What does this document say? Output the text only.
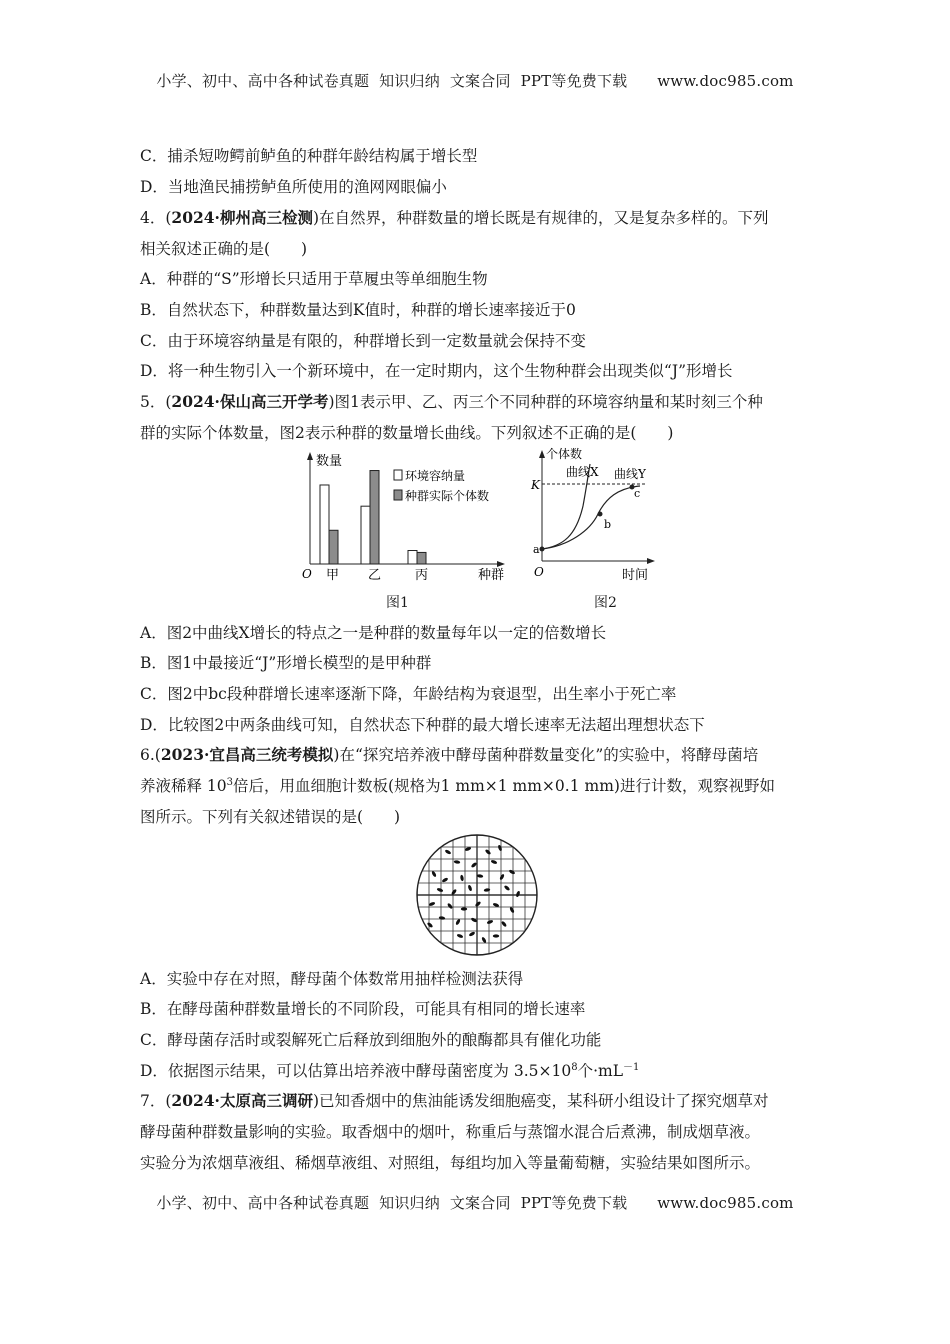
小学、初中、高中各种试卷真题  知识归纳  文案合同  PPT等免费下载 www.doc985.com
C．捕杀短吻鳄前鲈鱼的种群年龄结构属于增长型
D．当地渔民捕捞鲈鱼所使用的渔网网眼偏小
4．(2024·柳州高三检测)在自然界，种群数量的增长既是有规律的，又是复杂多样的。下列
相关叙述正确的是(　　)
A．种群的“S”形增长只适用于草履虫等单细胞生物
B．自然状态下，种群数量达到K值时，种群的增长速率接近于0
C．由于环境容纳量是有限的，种群增长到一定数量就会保持不变
D．将一种生物引入一个新环境中，在一定时期内，这个生物种群会出现类似“J”形增长
5．(2024·保山高三开学考)图1表示甲、乙、丙三个不同种群的环境容纳量和某时刻三个种
群的实际个体数量，图2表示种群的数量增长曲线。下列叙述不正确的是(　　)
数量
O	种群
甲 乙	丙
环境容纳量
种群实际个体数
图1
个体数
曲线X 曲线Y
K
a
b
c
O	时间
图2
A．图2中曲线X增长的特点之一是种群的数量每年以一定的倍数增长
B．图1中最接近“J”形增长模型的是甲种群
C．图2中bc段种群增长速率逐渐下降，年龄结构为衰退型，出生率小于死亡率
D．比较图2中两条曲线可知，自然状态下种群的最大增长速率无法超出理想状态下
6.(2023·宜昌高三统考模拟)在“探究培养液中酵母菌种群数量变化”的实验中，将酵母菌培
养液稀释 $10^3$倍后，用血细胞计数板(规格为1 mm×1 mm×0.1 mm)进行计数，观察视野如
图所示。下列有关叙述错误的是(　　)
A．实验中存在对照，酵母菌个体数常用抽样检测法获得
B．在酵母菌种群数量增长的不同阶段，可能具有相同的增长速率
C．酵母菌存活时或裂解死亡后释放到细胞外的酿酶都具有催化功能
D．依据图示结果，可以估算出培养液中酵母菌密度为 $3.5\times 10^8$个$\cdot mL^{-1}$
7．(2024·太原高三调研)已知香烟中的焦油能诱发细胞癌变，某科研小组设计了探究烟草对
酵母菌种群数量影响的实验。取香烟中的烟叶，称重后与蒸馏水混合后煮沸，制成烟草液。
实验分为浓烟草液组、稀烟草液组、对照组，每组均加入等量葡萄糖，实验结果如图所示。
小学、初中、高中各种试卷真题  知识归纳  文案合同  PPT等免费下载 www.doc985.com
